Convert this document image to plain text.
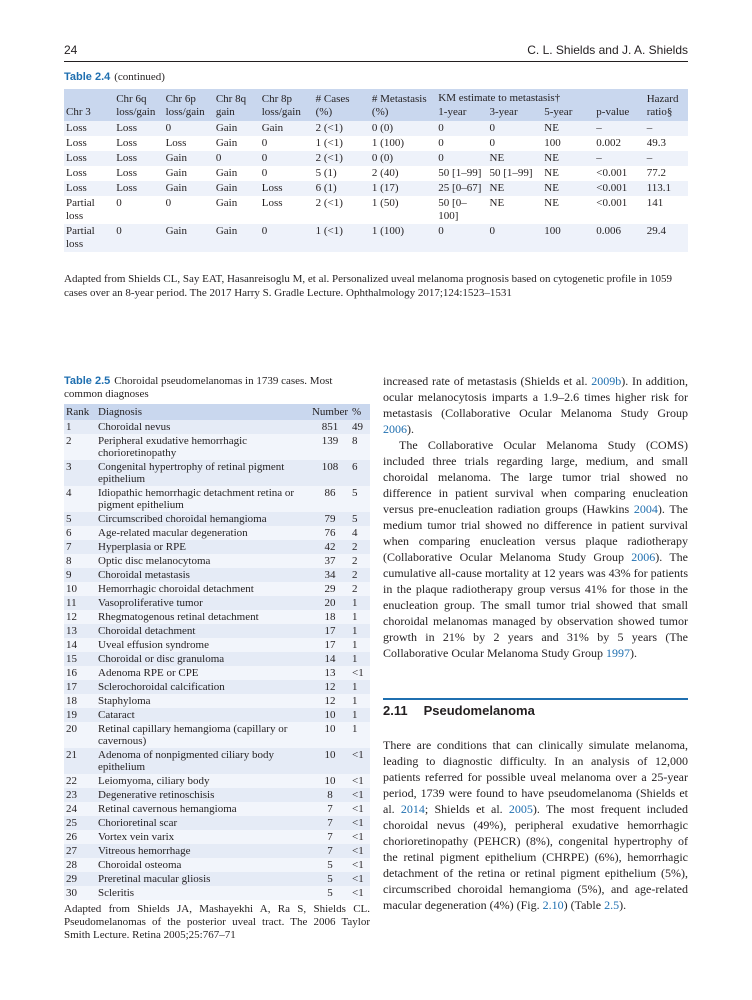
24	C. L. Shields and J. A. Shields
Table 2.4 (continued)
Chr 3	Chr 6q loss/gain	Chr 6p loss/gain	Chr 8q gain	Chr 8p loss/gain	# Cases (%)	# Metastasis (%)	KM estimate to metastasis†			p-value	Hazard ratio§
							1-year	3-year	5-year		
Loss	Loss	0	Gain	Gain	2 (<1)	0 (0)	0	0	NE	–	–
Loss	Loss	Loss	Gain	0	1 (<1)	1 (100)	0	0	100	0.002	49.3
Loss	Loss	Gain	0	0	2 (<1)	0 (0)	0	NE	NE	–	–
Loss	Loss	Gain	Gain	0	5 (1)	2 (40)	50 [1–99]	50 [1–99]	NE	<0.001	77.2
Loss	Loss	Gain	Gain	Loss	6 (1)	1 (17)	25 [0–67]	NE	NE	<0.001	113.1
Partial loss	0	0	Gain	Loss	2 (<1)	1 (50)	50 [0–100]	NE	NE	<0.001	141
Partial loss	0	Gain	Gain	0	1 (<1)	1 (100)	0	0	100	0.006	29.4
Adapted from Shields CL, Say EAT, Hasanreisoglu M, et al. Personalized uveal melanoma prognosis based on cytogenetic profile in 1059 cases over an 8-year period. The 2017 Harry S. Gradle Lecture. Ophthalmology 2017;124:1523–1531
Table 2.5 Choroidal pseudomelanomas in 1739 cases. Most common diagnoses
Rank	Diagnosis	Number	%
1	Choroidal nevus	851	49
2	Peripheral exudative hemorrhagic chorioretinopathy	139	8
3	Congenital hypertrophy of retinal pigment epithelium	108	6
4	Idiopathic hemorrhagic detachment retina or pigment epithelium	86	5
5	Circumscribed choroidal hemangioma	79	5
6	Age-related macular degeneration	76	4
7	Hyperplasia or RPE	42	2
8	Optic disc melanocytoma	37	2
9	Choroidal metastasis	34	2
10	Hemorrhagic choroidal detachment	29	2
11	Vasoproliferative tumor	20	1
12	Rhegmatogenous retinal detachment	18	1
13	Choroidal detachment	17	1
14	Uveal effusion syndrome	17	1
15	Choroidal or disc granuloma	14	1
16	Adenoma RPE or CPE	13	<1
17	Sclerochoroidal calcification	12	1
18	Staphyloma	12	1
19	Cataract	10	1
20	Retinal capillary hemangioma (capillary or cavernous)	10	1
21	Adenoma of nonpigmented ciliary body epithelium	10	<1
22	Leiomyoma, ciliary body	10	<1
23	Degenerative retinoschisis	8	<1
24	Retinal cavernous hemangioma	7	<1
25	Chorioretinal scar	7	<1
26	Vortex vein varix	7	<1
27	Vitreous hemorrhage	7	<1
28	Choroidal osteoma	5	<1
29	Preretinal macular gliosis	5	<1
30	Scleritis	5	<1
Adapted from Shields JA, Mashayekhi A, Ra S, Shields CL. Pseudomelanomas of the posterior uveal tract. The 2006 Taylor Smith Lecture. Retina 2005;25:767–71

increased rate of metastasis (Shields et al. 2009b). In addition, ocular melanocytosis imparts a 1.9–2.6 times higher risk for metastasis (Collaborative Ocular Melanoma Study Group 2006).

The Collaborative Ocular Melanoma Study (COMS) included three trials regarding large, medium, and small choroidal melanoma. The large tumor trial showed no difference in patient survival when comparing enucleation versus pre-enucleation radiation groups (Hawkins 2004). The medium tumor trial showed no difference in patient survival when comparing enucleation versus plaque radiotherapy (Collaborative Ocular Melanoma Study Group 2006). The cumulative all-cause mortality at 12 years was 43% for patients in the plaque radiotherapy group versus 41% for those in the enucleation group. The small tumor trial showed that small choroidal melanomas managed by observation showed tumor growth in 21% by 2 years and 31% by 5 years (The Collaborative Ocular Melanoma Study Group 1997).

2.11 Pseudomelanoma

There are conditions that can clinically simulate melanoma, leading to diagnostic difficulty. In an analysis of 12,000 patients referred for possible uveal melanoma over a 25-year period, 1739 were found to have pseudomelanoma (Shields et al. 2014; Shields et al. 2005). The most frequent included choroidal nevus (49%), peripheral exudative hemorrhagic chorioretinopathy (PEHCR) (8%), congenital hypertrophy of the retinal pigment epithelium (CHRPE) (6%), hemorrhagic detachment of the retina or retinal pigment epithelium (5%), circumscribed choroidal hemangioma (5%), and age-related macular degeneration (4%) (Fig. 2.10) (Table 2.5).
